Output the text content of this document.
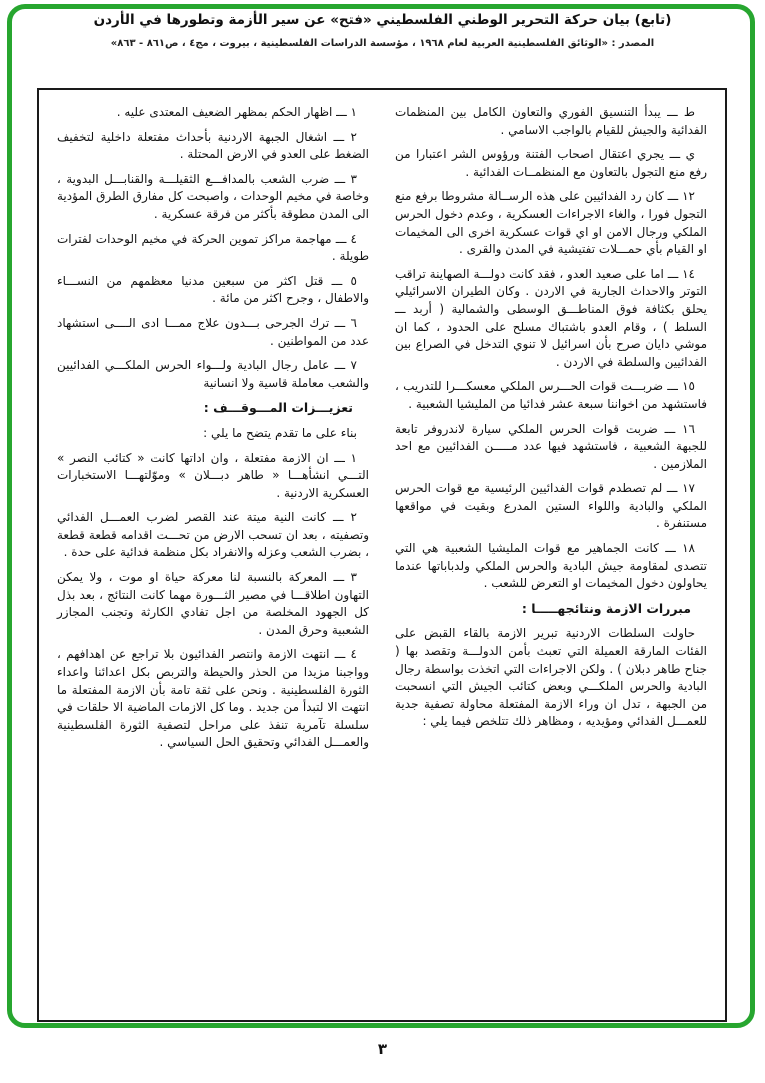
(تابع) بيان حركة التحرير الوطني الفلسطيني «فتح» عن سير الأزمة وتطورها في الأردن
المصدر : «الوثائق الفلسطينية العربية لعام ١٩٦٨ ، مؤسسة الدراسات الفلسطينية ، بيروت ، مج٤ ، ص٨٦١ - ٨٦٣»

ط ـــ يبدأ التنسيق الفوري والتعاون الكامل بين المنظمات الفدائية والجيش للقيام بالواجب الاسامي .

ي ـــ يجري اعتقال اصحاب الفتنة ورؤوس الشر اعتبارا من رفع منع التجول بالتعاون مع المنظمــات الفدائية .

١٢ ـــ كان رد الفدائيين على هذه الرســالة مشروطا برفع منع التجول فورا ، والغاء الاجراءات العسكرية ، وعدم دخول الحرس الملكي ورجال الامن او اي قوات عسكرية اخرى الى المخيمات او القيام بأي حمـــلات تفتيشية في المدن والقرى .

١٤ ـــ اما على صعيد العدو ، فقد كانت دولـــة الصهاينة تراقب التوتر والاحداث الجارية في الاردن . وكان الطيران الاسرائيلي يحلق بكثافة فوق المناطـــق الوسطى والشمالية ( أربد ـــ السلط ) ، وقام العدو باشتباك مسلح على الحدود ، كما ان موشي دايان صرح بأن اسرائيل لا تنوي التدخل في الصراع بين الفدائيين والسلطة في الاردن .

١٥ ـــ ضربـــت قوات الحـــرس الملكي معسكـــرا للتدريب ، فاستشهد من اخواننا سبعة عشر فدائيا من المليشيا الشعبية .

١٦ ـــ ضربت قوات الحرس الملكي سيارة لاندروفر تابعة للجبهة الشعبية ، فاستشهد فيها عدد مـــــن الفدائيين مع احد الملازمين .

١٧ ـــ لم تصطدم قوات الفدائيين الرئيسية مع قوات الحرس الملكي والبادية واللواء الستين المدرع وبقيت في مواقعها مستنفرة .

١٨ ـــ كانت الجماهير مع قوات المليشيا الشعبية هي التي تتصدى لمقاومة جيش البادية والحرس الملكي ولدباباتها عندما يحاولون دخول المخيمات او التعرض للشعب .

مبررات الازمة ونتائجهـــــا :

حاولت السلطات الاردنية تبرير الازمة بالقاء القبض على الفئات المارقة العميلة التي تعبث بأمن الدولـــة وتقصد بها ( جناح طاهر دبلان ) . ولكن الاجراءات التي اتخذت بواسطة رجال البادية والحرس الملكـــي وبعض كتائب الجيش التي انسحبت من الجبهة ، تدل ان وراء الازمة المفتعلة محاولة تصفية جدية للعمـــل الفدائي ومؤيديه ، ومظاهر ذلك تتلخص فيما يلي :

١ ـــ اظهار الحكم بمظهر الضعيف المعتدى عليه .

٢ ـــ اشغال الجبهة الاردنية بأحداث مفتعلة داخلية لتخفيف الضغط على العدو في الارض المحتلة .

٣ ـــ ضرب الشعب بالمدافـــع الثقيلـــة والقنابـــل البدوية ، وخاصة في مخيم الوحدات ، واصبحت كل مفارق الطرق المؤدية الى المدن مطوقة بأكثر من فرقة عسكرية .

٤ ـــ مهاجمة مراكز تموين الحركة في مخيم الوحدات لفترات طويلة .

٥ ـــ قتل اكثر من سبعين مدنيا معظمهم من النســـاء والاطفال ، وجرح اكثر من مائة .

٦ ـــ ترك الجرحى بـــدون علاج ممـــا ادى الــــى استشهاد عدد من المواطنين .

٧ ـــ عامل رجال البادية ولـــواء الحرس الملكـــي الفدائيين والشعب معاملة قاسية ولا انسانية

تعزيـــزات المـــوقـــف :

بناء على ما تقدم يتضح ما يلي :

١ ـــ ان الازمة مفتعلة ، وان اداتها كانت « كتائب النصر » التـــي انشأهـــا « طاهر دبـــلان » وموّلتهـــا الاستخبارات العسكرية الاردنية .

٢ ـــ كانت النية ميتة عند القصر لضرب العمـــل الفدائي وتصفيته ، بعد ان تسحب الارض من تحـــت اقدامه قطعة قطعة ، بضرب الشعب وعزله والانفراد بكل منظمة فدائية على حدة .

٣ ـــ المعركة بالنسبة لنا معركة حياة او موت ، ولا يمكن التهاون اطلاقـــا في مصير الثـــورة مهما كانت النتائج ، بعد بذل كل الجهود المخلصة من اجل تفادي الكارثة وتجنب المجازر الشعبية وحرق المدن .

٤ ـــ انتهت الازمة وانتصر الفدائيون بلا تراجع عن اهدافهم ، وواجبنا مزيدا من الحذر والحيطة والتربص بكل اعدائنا واعداء الثورة الفلسطينية . ونحن على ثقة تامة بأن الازمة المفتعلة ما انتهت الا لتبدأ من جديد . وما كل الازمات الماضية الا حلقات في سلسلة تآمرية تنفذ على مراحل لتصفية الثورة الفلسطينية والعمـــل الفدائي وتحقيق الحل السياسي .

٣
